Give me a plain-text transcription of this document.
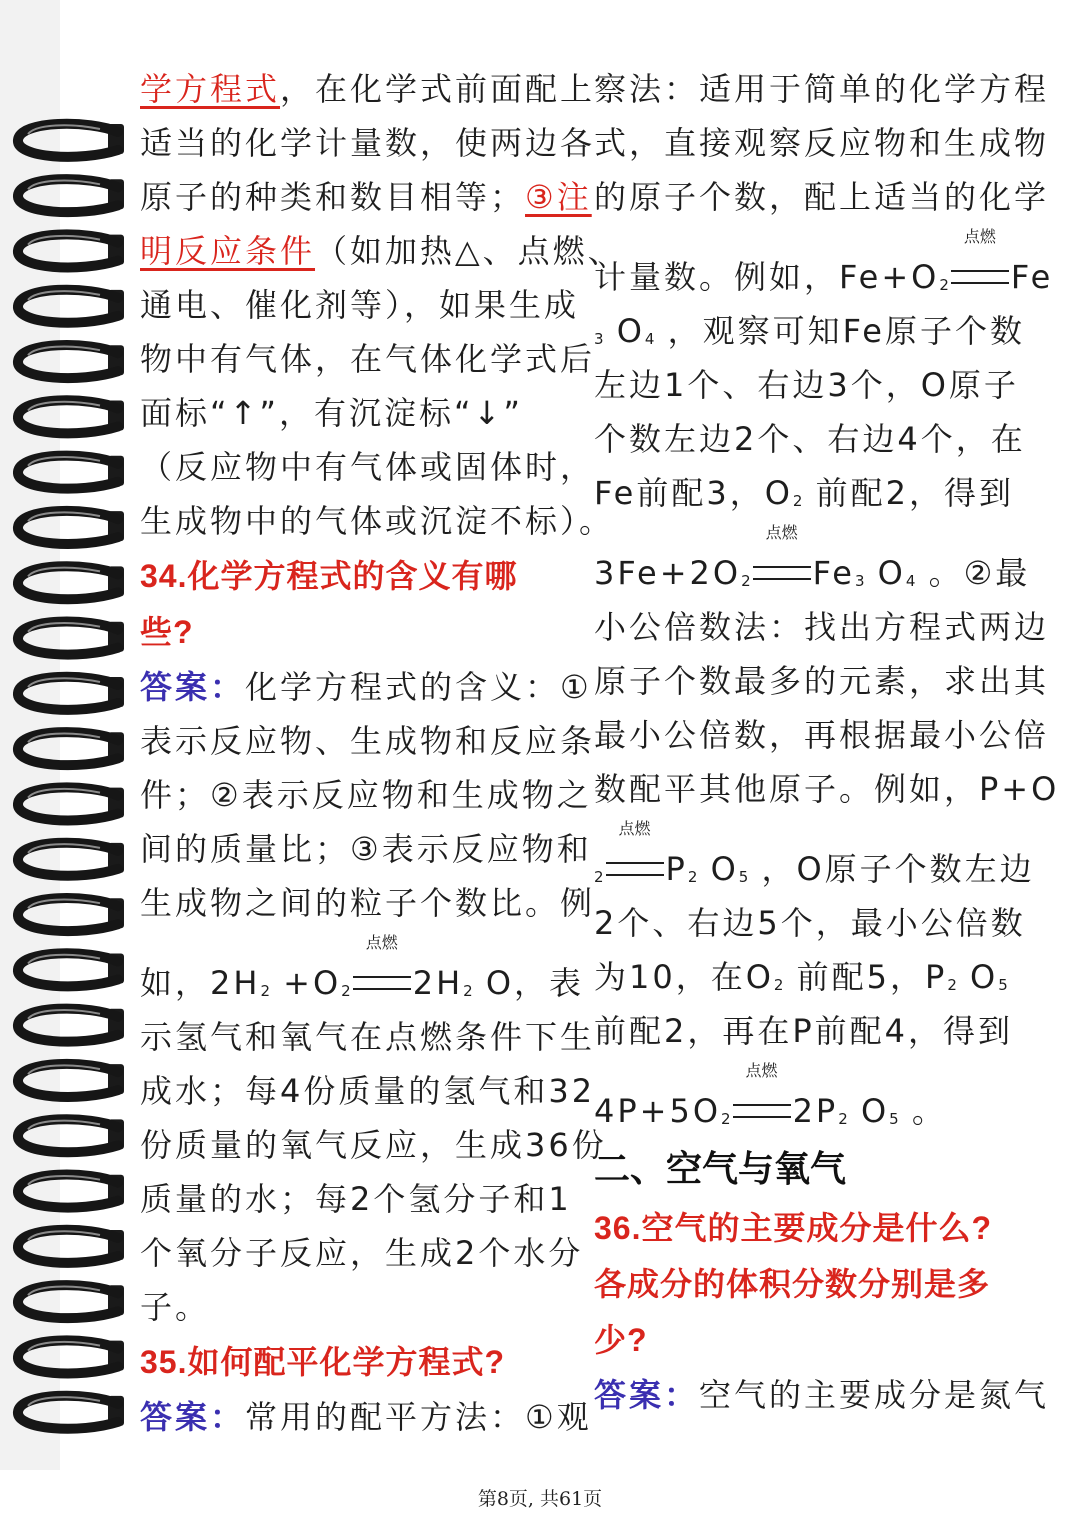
学方程式，在化学式前面配上
适当的化学计量数，使两边各
原子的种类和数目相等；③注
明反应条件（如加热△、点燃、
通电、催化剂等），如果生成
物中有气体，在气体化学式后
面标“↑”，有沉淀标“↓”
（反应物中有气体或固体时，
生成物中的气体或沉淀不标）。
34.化学方程式的含义有哪
些?
答案：化学方程式的含义：①
表示反应物、生成物和反应条
件；②表示反应物和生成物之
间的质量比；③表示反应物和
生成物之间的粒子个数比。例
如，$2H_2 +O_2$
点燃
$2H_2$ O，表
示氢气和氧气在点燃条件下生
成水；每4份质量的氢气和32
份质量的氧气反应，生成36份
质量的水；每2个氢分子和1
个氧分子反应，生成2个水分
子。
35.如何配平化学方程式?
答案：常用的配平方法：①观
察法：适用于简单的化学方程
式，直接观察反应物和生成物
的原子个数，配上适当的化学
计量数。例如，$Fe+O_2$
点燃
Fe
$_3$ $O_4$ ，观察可知Fe原子个数
左边1个、右边3个，O原子
个数左边2个、右边4个，在
Fe前配3，$O_2$ 前配2，得到
$3Fe+2O_2$
点燃
$Fe_3$ $O_4$ 。②最
小公倍数法：找出方程式两边
原子个数最多的元素，求出其
最小公倍数，再根据最小公倍
数配平其他原子。例如，P+O
$_2$
点燃
$P_2$ $O_5$ ，O原子个数左边
2个、右边5个，最小公倍数
为10，在$O_2$ 前配5，$P_2$ $O_5$
前配2，再在P前配4，得到
$4P+5O_2$
点燃
$2P_2$ $O_5$ 。
二、空气与氧气
36.空气的主要成分是什么?
各成分的体积分数分别是多
少?
答案：空气的主要成分是氮气
第8页, 共61页
